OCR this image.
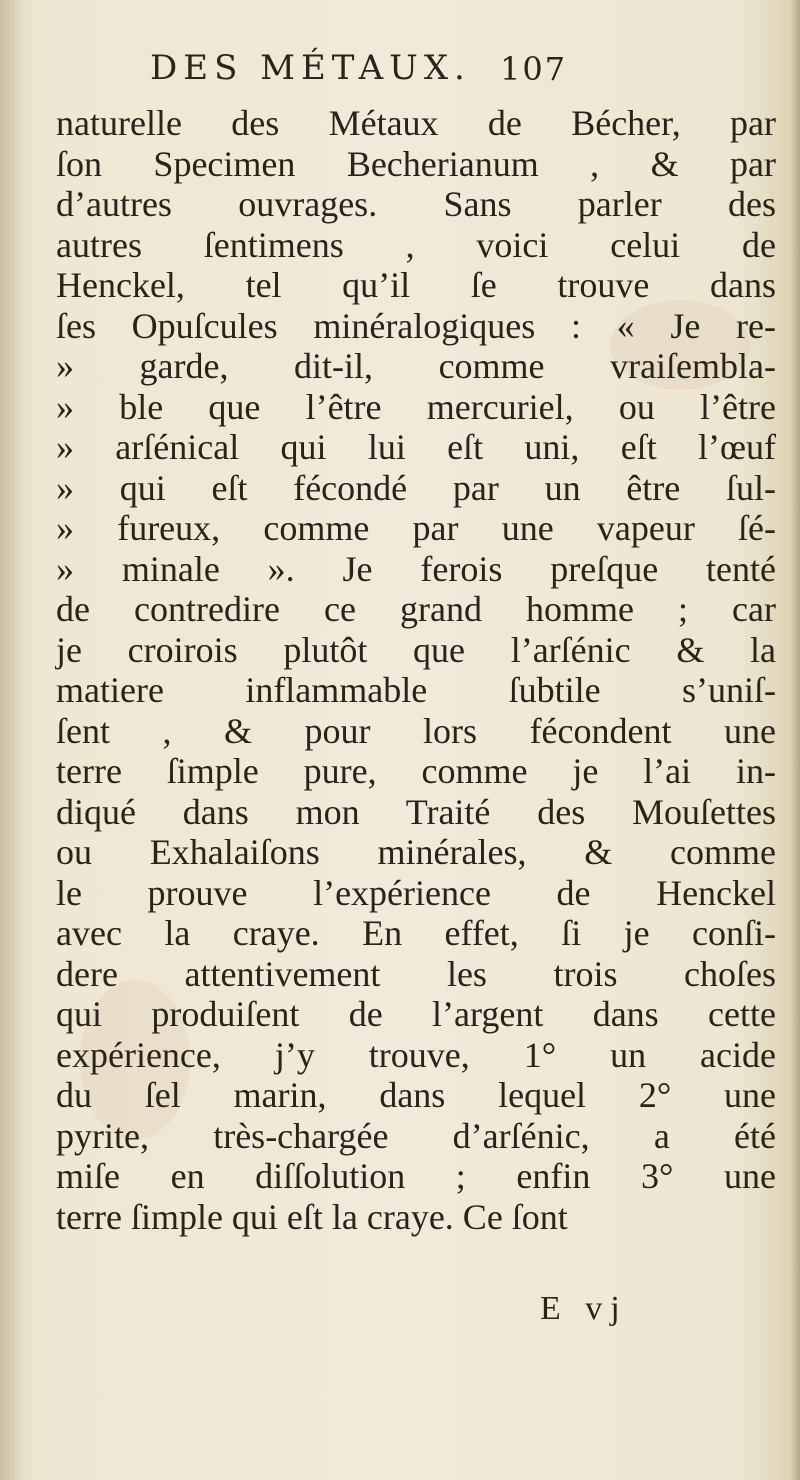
DES MÉTAUX. 107
naturelle des Métaux de Bécher, par
ſon Specimen Becherianum , & par
d’autres ouvrages. Sans parler des
autres ſentimens , voici celui de
Henckel, tel qu’il ſe trouve dans
ſes Opuſcules minéralogiques : « Je re-
» garde, dit-il, comme vraiſembla-
» ble que l’être mercuriel, ou l’être
» arſénical qui lui eſt uni, eſt l’œuf
» qui eſt fécondé par un être ſul-
» fureux, comme par une vapeur ſé-
» minale ». Je ferois preſque tenté
de contredire ce grand homme ; car
je croirois plutôt que l’arſénic & la
matiere inflammable ſubtile s’uniſ-
ſent , & pour lors fécondent une
terre ſimple pure, comme je l’ai in-
diqué dans mon Traité des Mouſettes
ou Exhalaiſons minérales, & comme
le prouve l’expérience de Henckel
avec la craye. En effet, ſi je conſi-
dere attentivement les trois choſes
qui produiſent de l’argent dans cette
expérience, j’y trouve, 1° un acide
du ſel marin, dans lequel 2° une
pyrite, très-chargée d’arſénic, a été
miſe en diſſolution ; enfin 3° une
terre ſimple qui eſt la craye. Ce ſont
E vj
